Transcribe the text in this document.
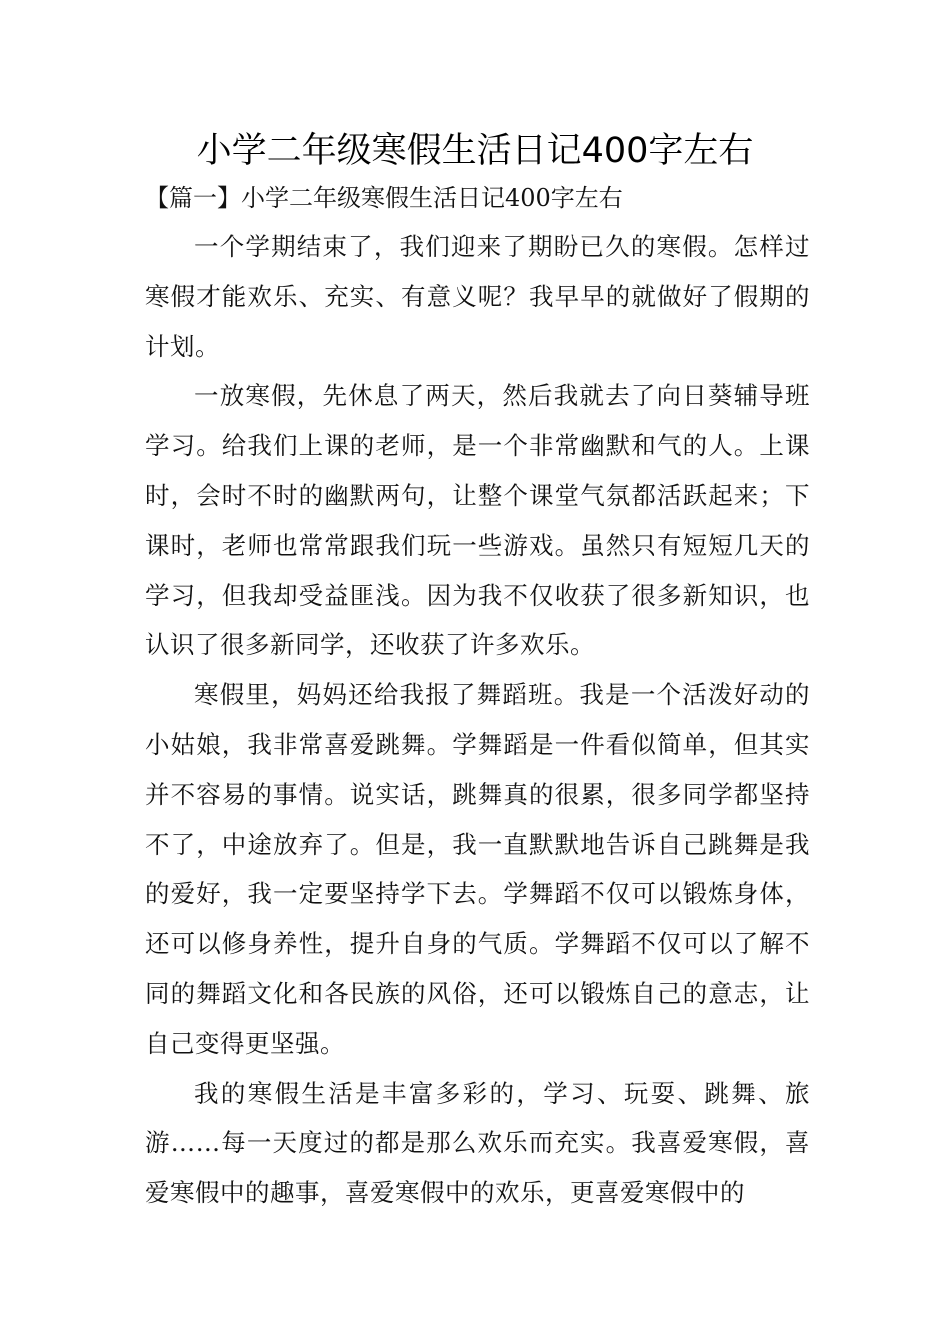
小学二年级寒假生活日记400字左右

【篇一】小学二年级寒假生活日记400字左右

一个学期结束了，我们迎来了期盼已久的寒假。怎样过寒假才能欢乐、充实、有意义呢？我早早的就做好了假期的计划。

一放寒假，先休息了两天，然后我就去了向日葵辅导班学习。给我们上课的老师，是一个非常幽默和气的人。上课时，会时不时的幽默两句，让整个课堂气氛都活跃起来；下课时，老师也常常跟我们玩一些游戏。虽然只有短短几天的学习，但我却受益匪浅。因为我不仅收获了很多新知识，也认识了很多新同学，还收获了许多欢乐。

寒假里，妈妈还给我报了舞蹈班。我是一个活泼好动的小姑娘，我非常喜爱跳舞。学舞蹈是一件看似简单，但其实并不容易的事情。说实话，跳舞真的很累，很多同学都坚持不了，中途放弃了。但是，我一直默默地告诉自己跳舞是我的爱好，我一定要坚持学下去。学舞蹈不仅可以锻炼身体，还可以修身养性，提升自身的气质。学舞蹈不仅可以了解不同的舞蹈文化和各民族的风俗，还可以锻炼自己的意志，让自己变得更坚强。

我的寒假生活是丰富多彩的，学习、玩耍、跳舞、旅游……每一天度过的都是那么欢乐而充实。我喜爱寒假，喜爱寒假中的趣事，喜爱寒假中的欢乐，更喜爱寒假中的
